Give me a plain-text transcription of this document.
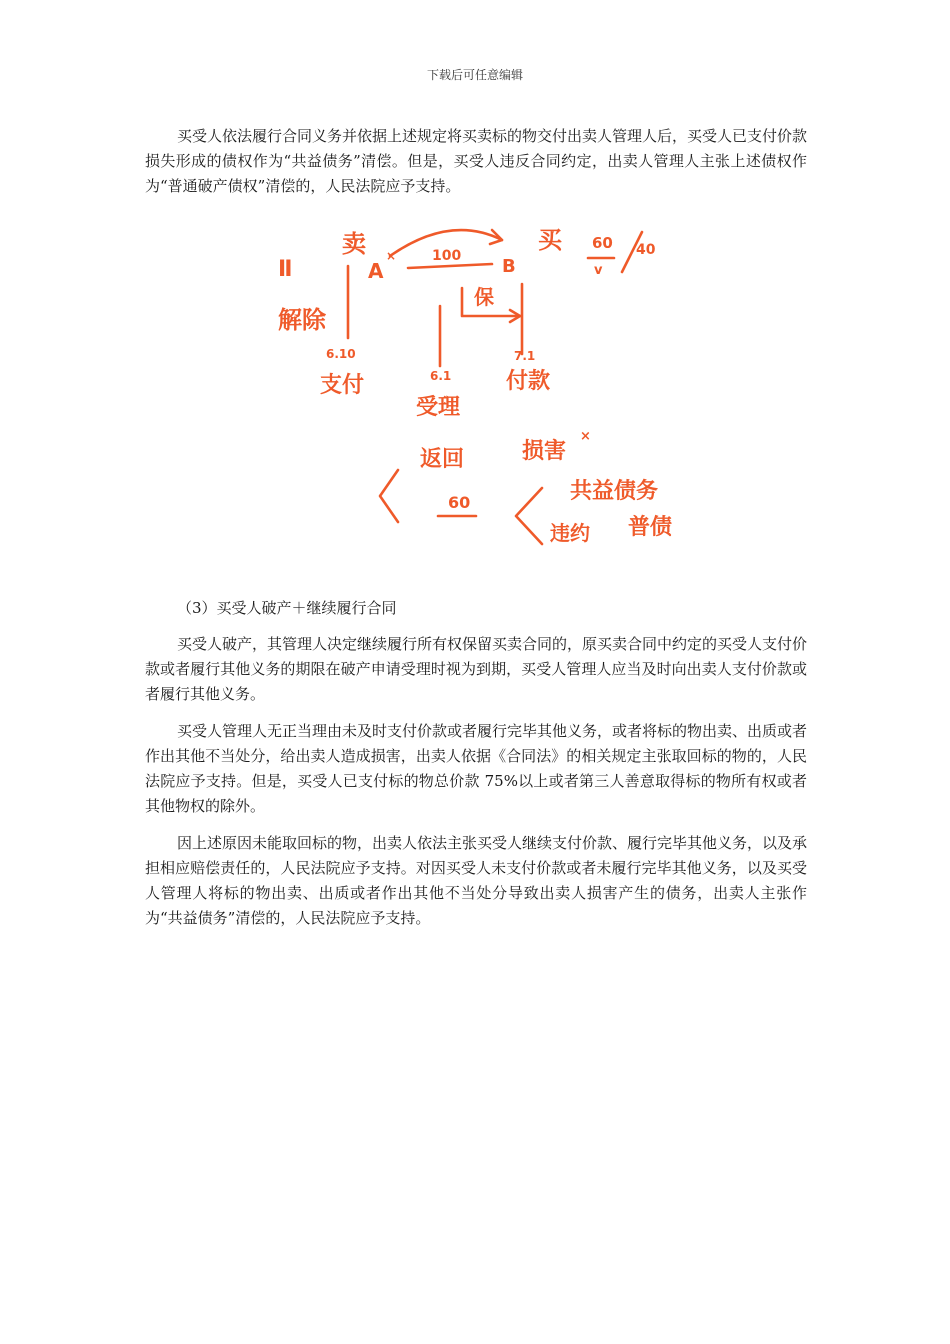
下载后可任意编辑

买受人依法履行合同义务并依据上述规定将买卖标的物交付出卖人管理人后，买受人已支付价款损失形成的债权作为“共益债务”清偿。但是，买受人违反合同约定，出卖人管理人主张上述债权作为“普通破产债权”清偿的，人民法院应予支持。

Ⅱ
卖
A
×	100 B
买 60
v
40
解除
保
6.10
6.1
7.1
支付
受理
付款
返回
60
损害
×
共益债务
违约 普债

（3）买受人破产＋继续履行合同

买受人破产，其管理人决定继续履行所有权保留买卖合同的，原买卖合同中约定的买受人支付价款或者履行其他义务的期限在破产申请受理时视为到期，买受人管理人应当及时向出卖人支付价款或者履行其他义务。

买受人管理人无正当理由未及时支付价款或者履行完毕其他义务，或者将标的物出卖、出质或者作出其他不当处分，给出卖人造成损害，出卖人依据《合同法》的相关规定主张取回标的物的，人民法院应予支持。但是，买受人已支付标的物总价款 75%以上或者第三人善意取得标的物所有权或者其他物权的除外。

因上述原因未能取回标的物，出卖人依法主张买受人继续支付价款、履行完毕其他义务，以及承担相应赔偿责任的，人民法院应予支持。对因买受人未支付价款或者未履行完毕其他义务，以及买受人管理人将标的物出卖、出质或者作出其他不当处分导致出卖人损害产生的债务，出卖人主张作为“共益债务”清偿的，人民法院应予支持。
